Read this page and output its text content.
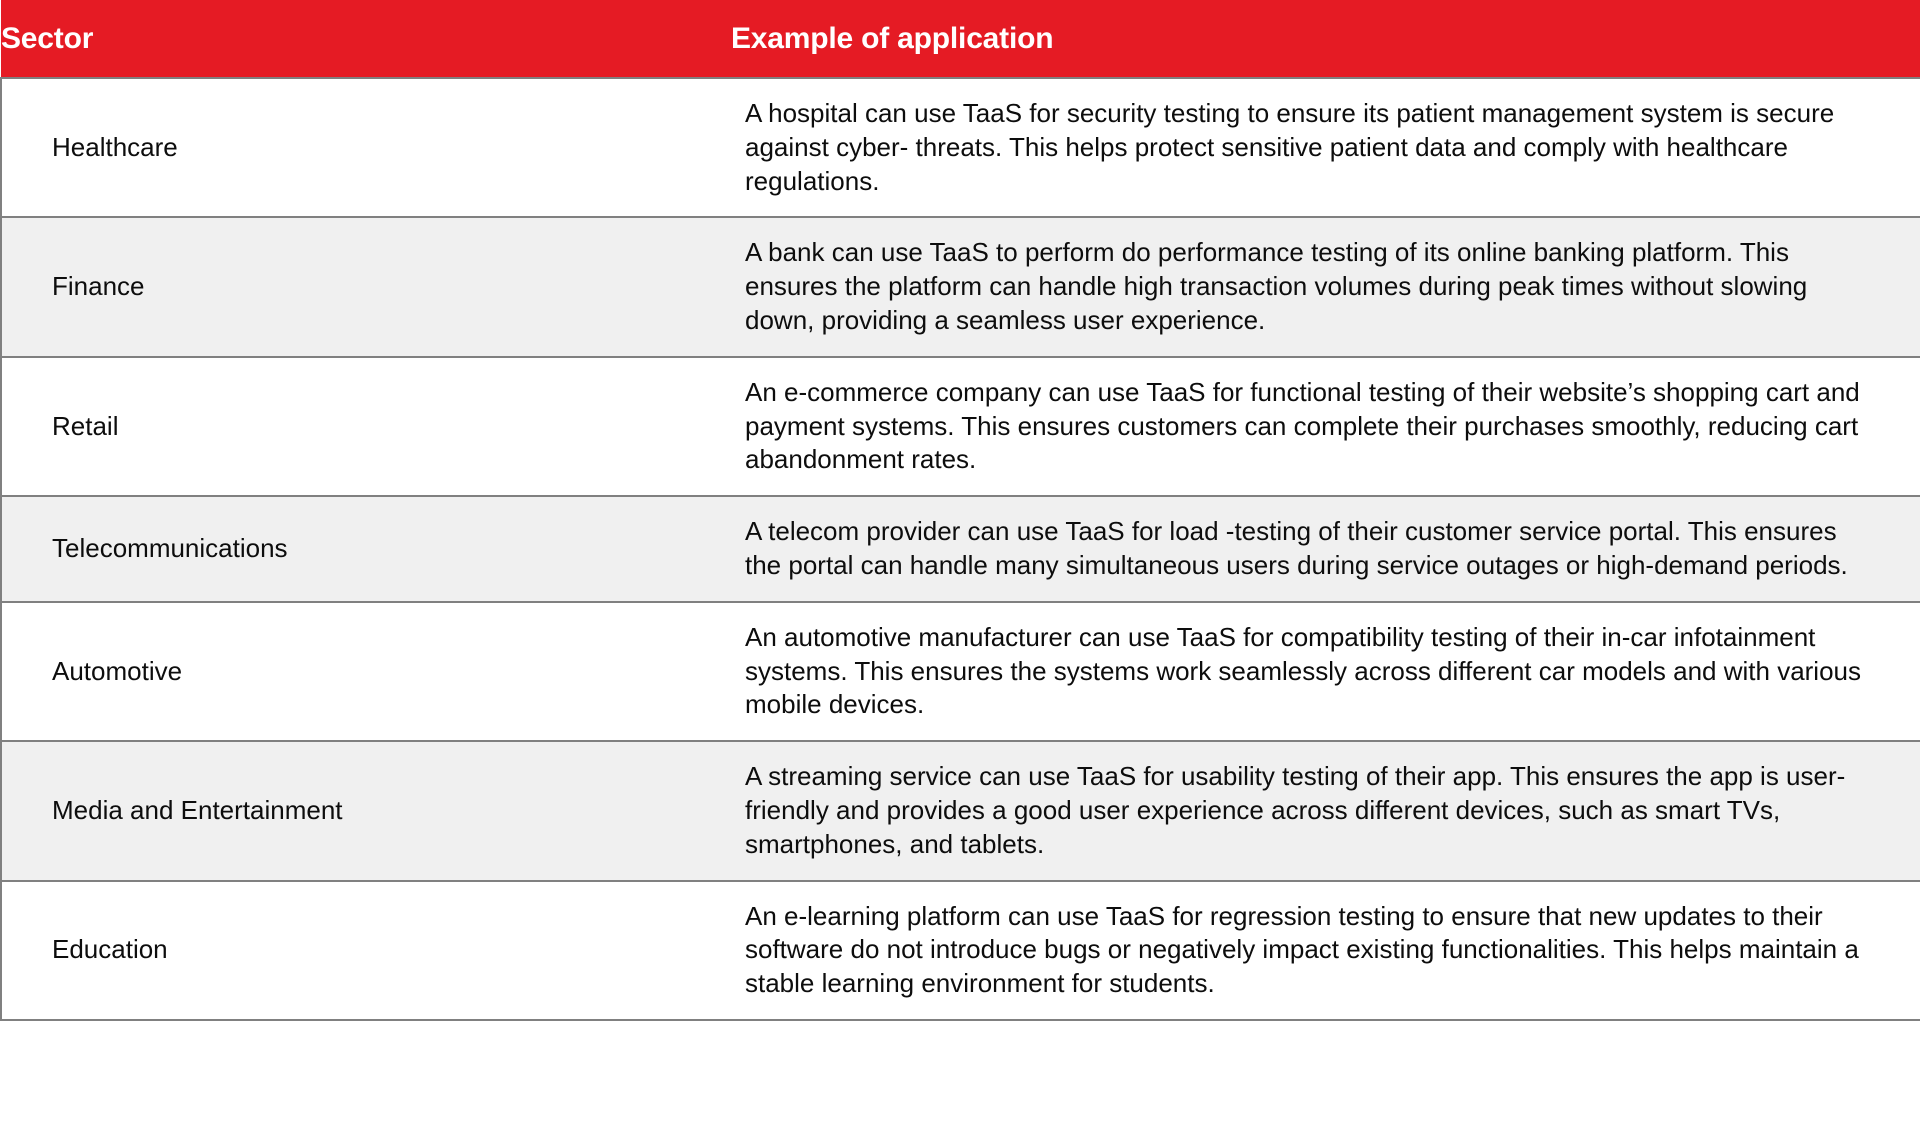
Sector	Example of application

Healthcare	A hospital can use TaaS for security testing to ensure its patient management system is secure against cyber- threats. This helps protect sensitive patient data and comply with healthcare regulations.

Finance	A bank can use TaaS to perform do performance testing of its online banking platform. This ensures the platform can handle high transaction volumes during peak times without slowing down, providing a seamless user experience.

Retail	An e-commerce company can use TaaS for functional testing of their website’s shopping cart and payment systems. This ensures customers can complete their purchases smoothly, reducing cart abandonment rates.

Telecommunications	A telecom provider can use TaaS for load -testing of their customer service portal. This ensures the portal can handle many simultaneous users during service outages or high-demand periods.

Automotive	An automotive manufacturer can use TaaS for compatibility testing of their in-car infotainment systems. This ensures the systems work seamlessly across different car models and with various mobile devices.

Media and Entertainment	A streaming service can use TaaS for usability testing of their app. This ensures the app is user-friendly and provides a good user experience across different devices, such as smart TVs, smartphones, and tablets.

Education	An e-learning platform can use TaaS for regression testing to ensure that new updates to their software do not introduce bugs or negatively impact existing functionalities. This helps maintain a stable learning environment for students.
